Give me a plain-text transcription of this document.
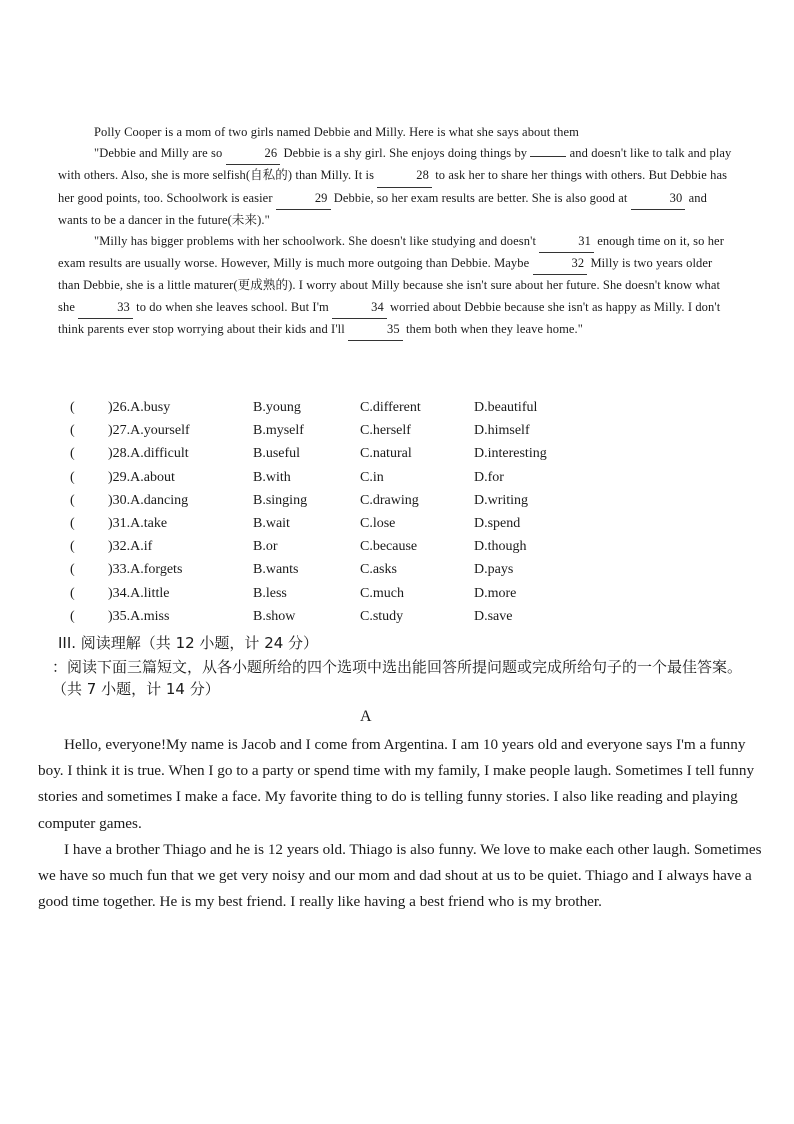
Polly Cooper is a mom of two girls named Debbie and Milly. Here is what she says about them

"Debbie and Milly are so	26 Debbie is a shy girl. She enjoys doing things by	and doesn't like to talk and play with others. Also, she is more selfish(自私的) than Milly. It is	28 to ask her to share her things with others. But Debbie has her good points, too. Schoolwork is easier	29 Debbie, so her exam results are better. She is also good at	30 and wants to be a dancer in the future(未来)."

"Milly has bigger problems with her schoolwork. She doesn't like studying and doesn't	31 enough time on it, so her exam results are usually worse. However, Milly is much more outgoing than Debbie. Maybe	32 Milly is two years older than Debbie, she is a little maturer(更成熟的). I worry about Milly because she isn't sure about her future. She doesn't know what she	33 to do when she leaves school. But I'm	34 worried about Debbie because she isn't as happy as Milly. I don't think parents ever stop worrying about their kids and I'll	35 them both when they leave home."

( )26.A.busy	B.young	C.different	D.beautiful
( )27.A.yourself	B.myself	C.herself	D.himself
( )28.A.difficult	B.useful	C.natural	D.interesting
( )29.A.about	B.with	C.in	D.for
( )30.A.dancing	B.singing	C.drawing	D.writing
( )31.A.take	B.wait	C.lose	D.spend
( )32.A.if	B.or	C.because	D.though
( )33.A.forgets	B.wants	C.asks	D.pays
( )34.A.little	B.less	C.much	D.more
( )35.A.miss	B.show	C.study	D.save
III. 阅读理解（共 12 小题，计 24 分）
：阅读下面三篇短文，从各小题所给的四个选项中选出能回答所提问题或完成所给句子的一个最佳答案。（共 7 小题，计 14 分）
A

Hello, everyone!My name is Jacob and I come from Argentina. I am 10 years old and everyone says I'm a funny boy. I think it is true. When I go to a party or spend time with my family, I make people laugh. Sometimes I tell funny stories and sometimes I make a face. My favorite thing to do is telling funny stories. I also like reading and playing computer games.

I have a brother Thiago and he is 12 years old. Thiago is also funny. We love to make each other laugh. Sometimes we have so much fun that we get very noisy and our mom and dad shout at us to be quiet. Thiago and I always have a good time together. He is my best friend. I really like having a best friend who is my brother.
